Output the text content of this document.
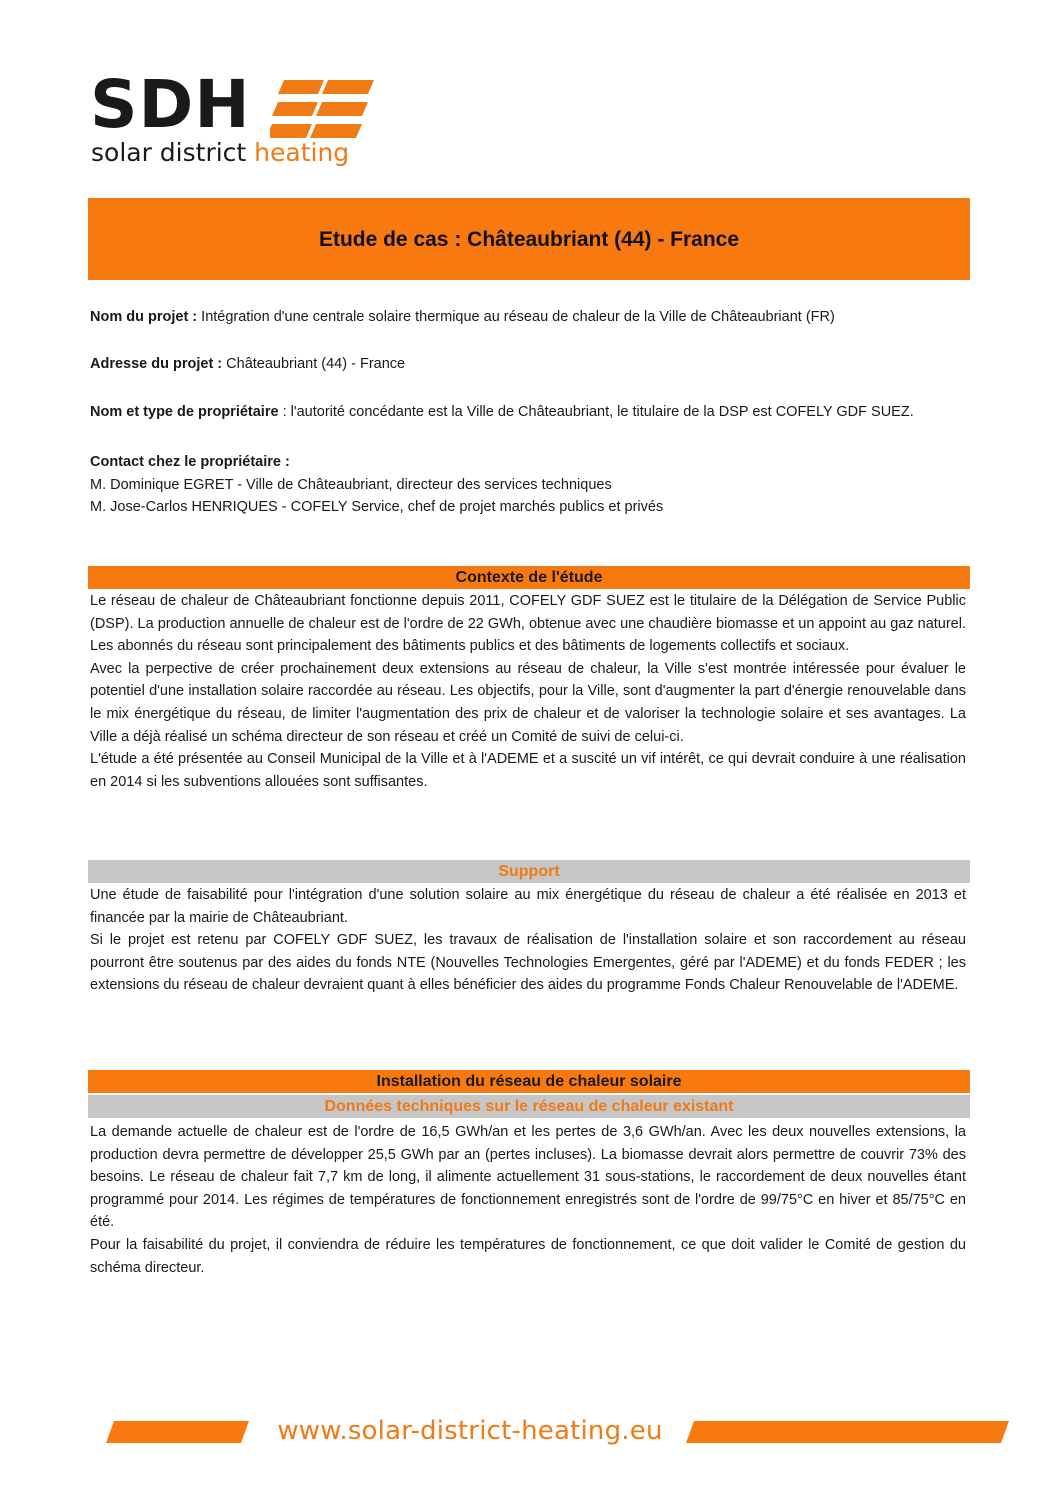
SDH
solar district heating
Etude de cas : Châteaubriant (44) - France

Nom du projet : Intégration d'une centrale solaire thermique au réseau de chaleur de la Ville de Châteaubriant (FR)

Adresse du projet : Châteaubriant (44) - France

Nom et type de propriétaire : l'autorité concédante est la Ville de Châteaubriant, le titulaire de la DSP est COFELY GDF SUEZ.

Contact chez le propriétaire :

M. Dominique EGRET - Ville de Châteaubriant, directeur des services techniques

M. Jose-Carlos HENRIQUES - COFELY Service, chef de projet marchés publics et privés

Contexte de l'étude

Le réseau de chaleur de Châteaubriant fonctionne depuis 2011, COFELY GDF SUEZ est le titulaire de la Délégation de Service Public (DSP). La production annuelle de chaleur est de l'ordre de 22 GWh, obtenue avec une chaudière biomasse et un appoint au gaz naturel. Les abonnés du réseau sont principalement des bâtiments publics et des bâtiments de logements collectifs et sociaux.

Avec la perpective de créer prochainement deux extensions au réseau de chaleur, la Ville s'est montrée intéressée pour évaluer le potentiel d'une installation solaire raccordée au réseau. Les objectifs, pour la Ville, sont d'augmenter la part d'énergie renouvelable dans le mix énergétique du réseau, de limiter l'augmentation des prix de chaleur et de valoriser la technologie solaire et ses avantages. La Ville a déjà réalisé un schéma directeur de son réseau et créé un Comité de suivi de celui-ci.

L'étude a été présentée au Conseil Municipal de la Ville et à l'ADEME et a suscité un vif intérêt, ce qui devrait conduire à une réalisation en 2014 si les subventions allouées sont suffisantes.

Support

Une étude de faisabilité pour l'intégration d'une solution solaire au mix énergétique du réseau de chaleur a été réalisée en 2013 et financée par la mairie de Châteaubriant.

Si le projet est retenu par COFELY GDF SUEZ, les travaux de réalisation de l'installation solaire et son raccordement au réseau pourront être soutenus par des aides du fonds NTE (Nouvelles Technologies Emergentes, géré par l'ADEME) et du fonds FEDER ; les extensions du réseau de chaleur devraient quant à elles bénéficier des aides du programme Fonds Chaleur Renouvelable de l'ADEME.

Installation du réseau de chaleur solaire
Données techniques sur le réseau de chaleur existant

La demande actuelle de chaleur est de l'ordre de 16,5 GWh/an et les pertes de 3,6 GWh/an. Avec les deux nouvelles extensions, la production devra permettre de développer 25,5 GWh par an (pertes incluses). La biomasse devrait alors permettre de couvrir 73% des besoins. Le réseau de chaleur fait 7,7 km de long, il alimente actuellement 31 sous-stations, le raccordement de deux nouvelles étant programmé pour 2014. Les régimes de températures de fonctionnement enregistrés sont de l'ordre de 99/75°C en hiver et 85/75°C en été.

Pour la faisabilité du projet, il conviendra de réduire les températures de fonctionnement, ce que doit valider le Comité de gestion du schéma directeur.

www.solar-district-heating.eu
